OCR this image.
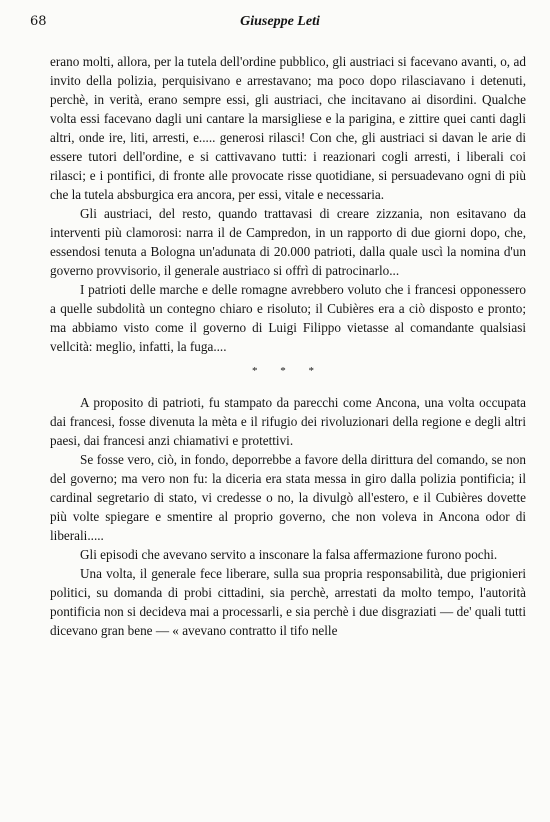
68	Giuseppe Leti

erano molti, allora, per la tutela dell'ordine pubblico, gli austriaci si facevano avanti, o, ad invito della polizia, perquisivano e arrestavano; ma poco dopo rilasciavano i detenuti, perchè, in verità, erano sempre essi, gli austriaci, che incitavano ai disordini. Qualche volta essi facevano dagli uni cantare la marsigliese e la parigina, e zittire quei canti dagli altri, onde ire, liti, arresti, e..... generosi rilasci! Con che, gli austriaci si davan le arie di essere tutori dell'ordine, e si cattivavano tutti: i reazionari cogli arresti, i liberali coi rilasci; e i pontifici, di fronte alle provocate risse quotidiane, si persuadevano ogni di più che la tutela absburgica era ancora, per essi, vitale e necessaria.

Gli austriaci, del resto, quando trattavasi di creare zizzania, non esitavano da interventi più clamorosi: narra il de Campredon, in un rapporto di due giorni dopo, che, essendosi tenuta a Bologna un'adunata di 20.000 patrioti, dalla quale uscì la nomina d'un governo provvisorio, il generale austriaco si offrì di patrocinarlo...

I patrioti delle marche e delle romagne avrebbero voluto che i francesi opponessero a quelle subdolità un contegno chiaro e risoluto; il Cubières era a ciò disposto e pronto; ma abbiamo visto come il governo di Luigi Filippo vietasse al comandante qualsiasi vellcità: meglio, infatti, la fuga....

* * *

A proposito di patrioti, fu stampato da parecchi come Ancona, una volta occupata dai francesi, fosse divenuta la mèta e il rifugio dei rivoluzionari della regione e degli altri paesi, dai francesi anzi chiamativi e protettivi.

Se fosse vero, ciò, in fondo, deporrebbe a favore della dirittura del comando, se non del governo; ma vero non fu: la diceria era stata messa in giro dalla polizia pontificia; il cardinal segretario di stato, vi credesse o no, la divulgò all'estero, e il Cubières dovette più volte spiegare e smentire al proprio governo, che non voleva in Ancona odor di liberali.....

Gli episodi che avevano servito a insconare la falsa affermazione furono pochi.

Una volta, il generale fece liberare, sulla sua propria responsabilità, due prigionieri politici, su domanda di probi cittadini, sia perchè, arrestati da molto tempo, l'autorità pontificia non si decideva mai a processarli, e sia perchè i due disgraziati — de' quali tutti dicevano gran bene — « avevano contratto il tifo nelle
